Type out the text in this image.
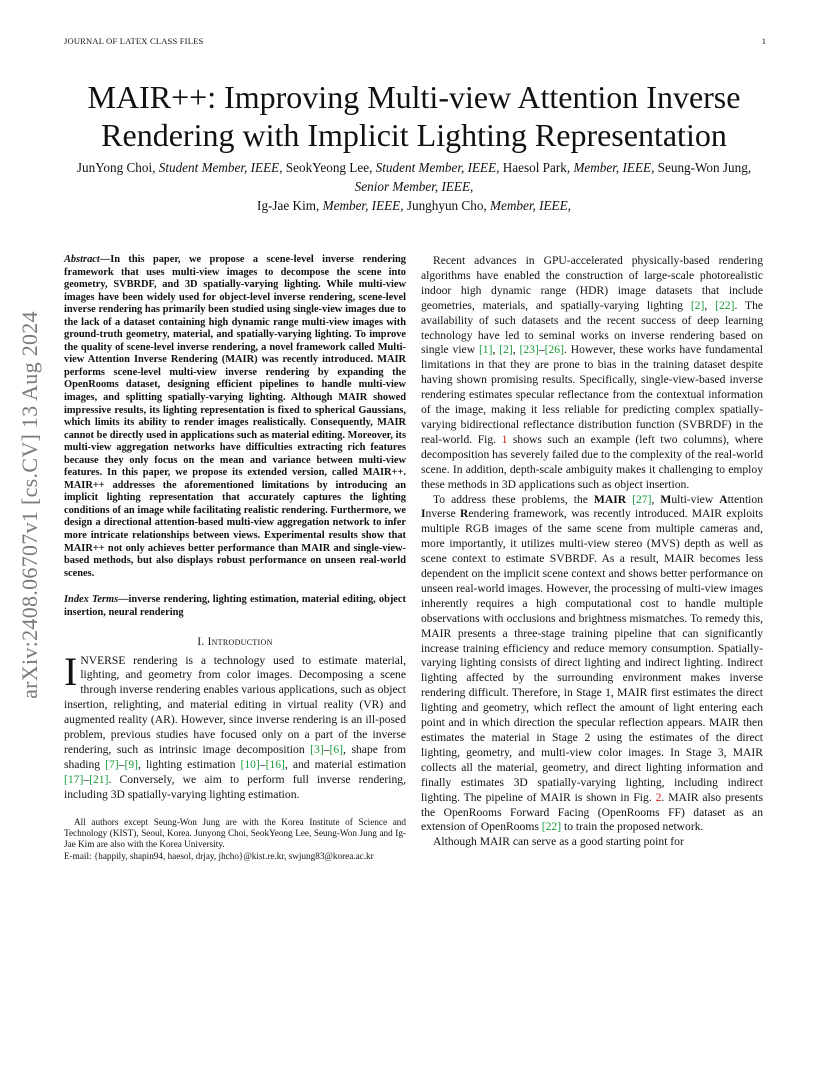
JOURNAL OF LATEX CLASS FILES	1
arXiv:2408.06707v1 [cs.CV] 13 Aug 2024
MAIR++: Improving Multi-view Attention Inverse
Rendering with Implicit Lighting Representation
JunYong Choi, Student Member, IEEE, SeokYeong Lee, Student Member, IEEE, Haesol Park, Member, IEEE, Seung-Won Jung, Senior Member, IEEE,
Ig-Jae Kim, Member, IEEE, Junghyun Cho, Member, IEEE,

Abstract—In this paper, we propose a scene-level inverse rendering framework that uses multi-view images to decompose the scene into geometry, SVBRDF, and 3D spatially-varying lighting. While multi-view images have been widely used for object-level inverse rendering, scene-level inverse rendering has primarily been studied using single-view images due to the lack of a dataset containing high dynamic range multi-view images with ground-truth geometry, material, and spatially-varying lighting. To improve the quality of scene-level inverse rendering, a novel framework called Multi-view Attention Inverse Rendering (MAIR) was recently introduced. MAIR performs scene-level multi-view inverse rendering by expanding the OpenRooms dataset, designing efficient pipelines to handle multi-view images, and splitting spatially-varying lighting. Although MAIR showed impressive results, its lighting representation is fixed to spherical Gaussians, which limits its ability to render images realistically. Consequently, MAIR cannot be directly used in applications such as material editing. Moreover, its multi-view aggregation networks have difficulties extracting rich features because they only focus on the mean and variance between multi-view features. In this paper, we propose its extended version, called MAIR++. MAIR++ addresses the aforementioned limitations by introducing an implicit lighting representation that accurately captures the lighting conditions of an image while facilitating realistic rendering. Furthermore, we design a directional attention-based multi-view aggregation network to infer more intricate relationships between views. Experimental results show that MAIR++ not only achieves better performance than MAIR and single-view-based methods, but also displays robust performance on unseen real-world scenes.

Index Terms—inverse rendering, lighting estimation, material editing, object insertion, neural rendering

I. Introduction

INVERSE rendering is a technology used to estimate material, lighting, and geometry from color images. Decomposing a scene through inverse rendering enables various applications, such as object insertion, relighting, and material editing in virtual reality (VR) and augmented reality (AR). However, since inverse rendering is an ill-posed problem, previous studies have focused only on a part of the inverse rendering, such as intrinsic image decomposition [3]–[6], shape from shading [7]–[9], lighting estimation [10]–[16], and material estimation [17]–[21]. Conversely, we aim to perform full inverse rendering, including 3D spatially-varying lighting estimation.

All authors except Seung-Won Jung are with the Korea Institute of Science and Technology (KIST), Seoul, Korea. Junyong Choi, SeokYeong Lee, Seung-Won Jung and Ig-Jae Kim are also with the Korea University.
E-mail: {happily, shapin94, haesol, drjay, jhcho}@kist.re.kr, swjung83@korea.ac.kr

Recent advances in GPU-accelerated physically-based rendering algorithms have enabled the construction of large-scale photorealistic indoor high dynamic range (HDR) image datasets that include geometries, materials, and spatially-varying lighting [2], [22]. The availability of such datasets and the recent success of deep learning technology have led to seminal works on inverse rendering based on single view [1], [2], [23]–[26]. However, these works have fundamental limitations in that they are prone to bias in the training dataset despite having shown promising results. Specifically, single-view-based inverse rendering estimates specular reflectance from the contextual information of the image, making it less reliable for predicting complex spatially-varying bidirectional reflectance distribution function (SVBRDF) in the real-world. Fig. 1 shows such an example (left two columns), where decomposition has severely failed due to the complexity of the real-world scene. In addition, depth-scale ambiguity makes it challenging to employ these methods in 3D applications such as object insertion.

To address these problems, the MAIR [27], Multi-view Attention Inverse Rendering framework, was recently introduced. MAIR exploits multiple RGB images of the same scene from multiple cameras and, more importantly, it utilizes multi-view stereo (MVS) depth as well as scene context to estimate SVBRDF. As a result, MAIR becomes less dependent on the implicit scene context and shows better performance on unseen real-world images. However, the processing of multi-view images inherently requires a high computational cost to handle multiple observations with occlusions and brightness mismatches. To remedy this, MAIR presents a three-stage training pipeline that can significantly increase training efficiency and reduce memory consumption. Spatially-varying lighting consists of direct lighting and indirect lighting. Indirect lighting affected by the surrounding environment makes inverse rendering difficult. Therefore, in Stage 1, MAIR first estimates the direct lighting and geometry, which reflect the amount of light entering each point and in which direction the specular reflection appears. MAIR then estimates the material in Stage 2 using the estimates of the direct lighting, geometry, and multi-view color images. In Stage 3, MAIR collects all the material, geometry, and direct lighting information and finally estimates 3D spatially-varying lighting, including indirect lighting. The pipeline of MAIR is shown in Fig. 2. MAIR also presents the OpenRooms Forward Facing (OpenRooms FF) dataset as an extension of OpenRooms [22] to train the proposed network.

Although MAIR can serve as a good starting point for
